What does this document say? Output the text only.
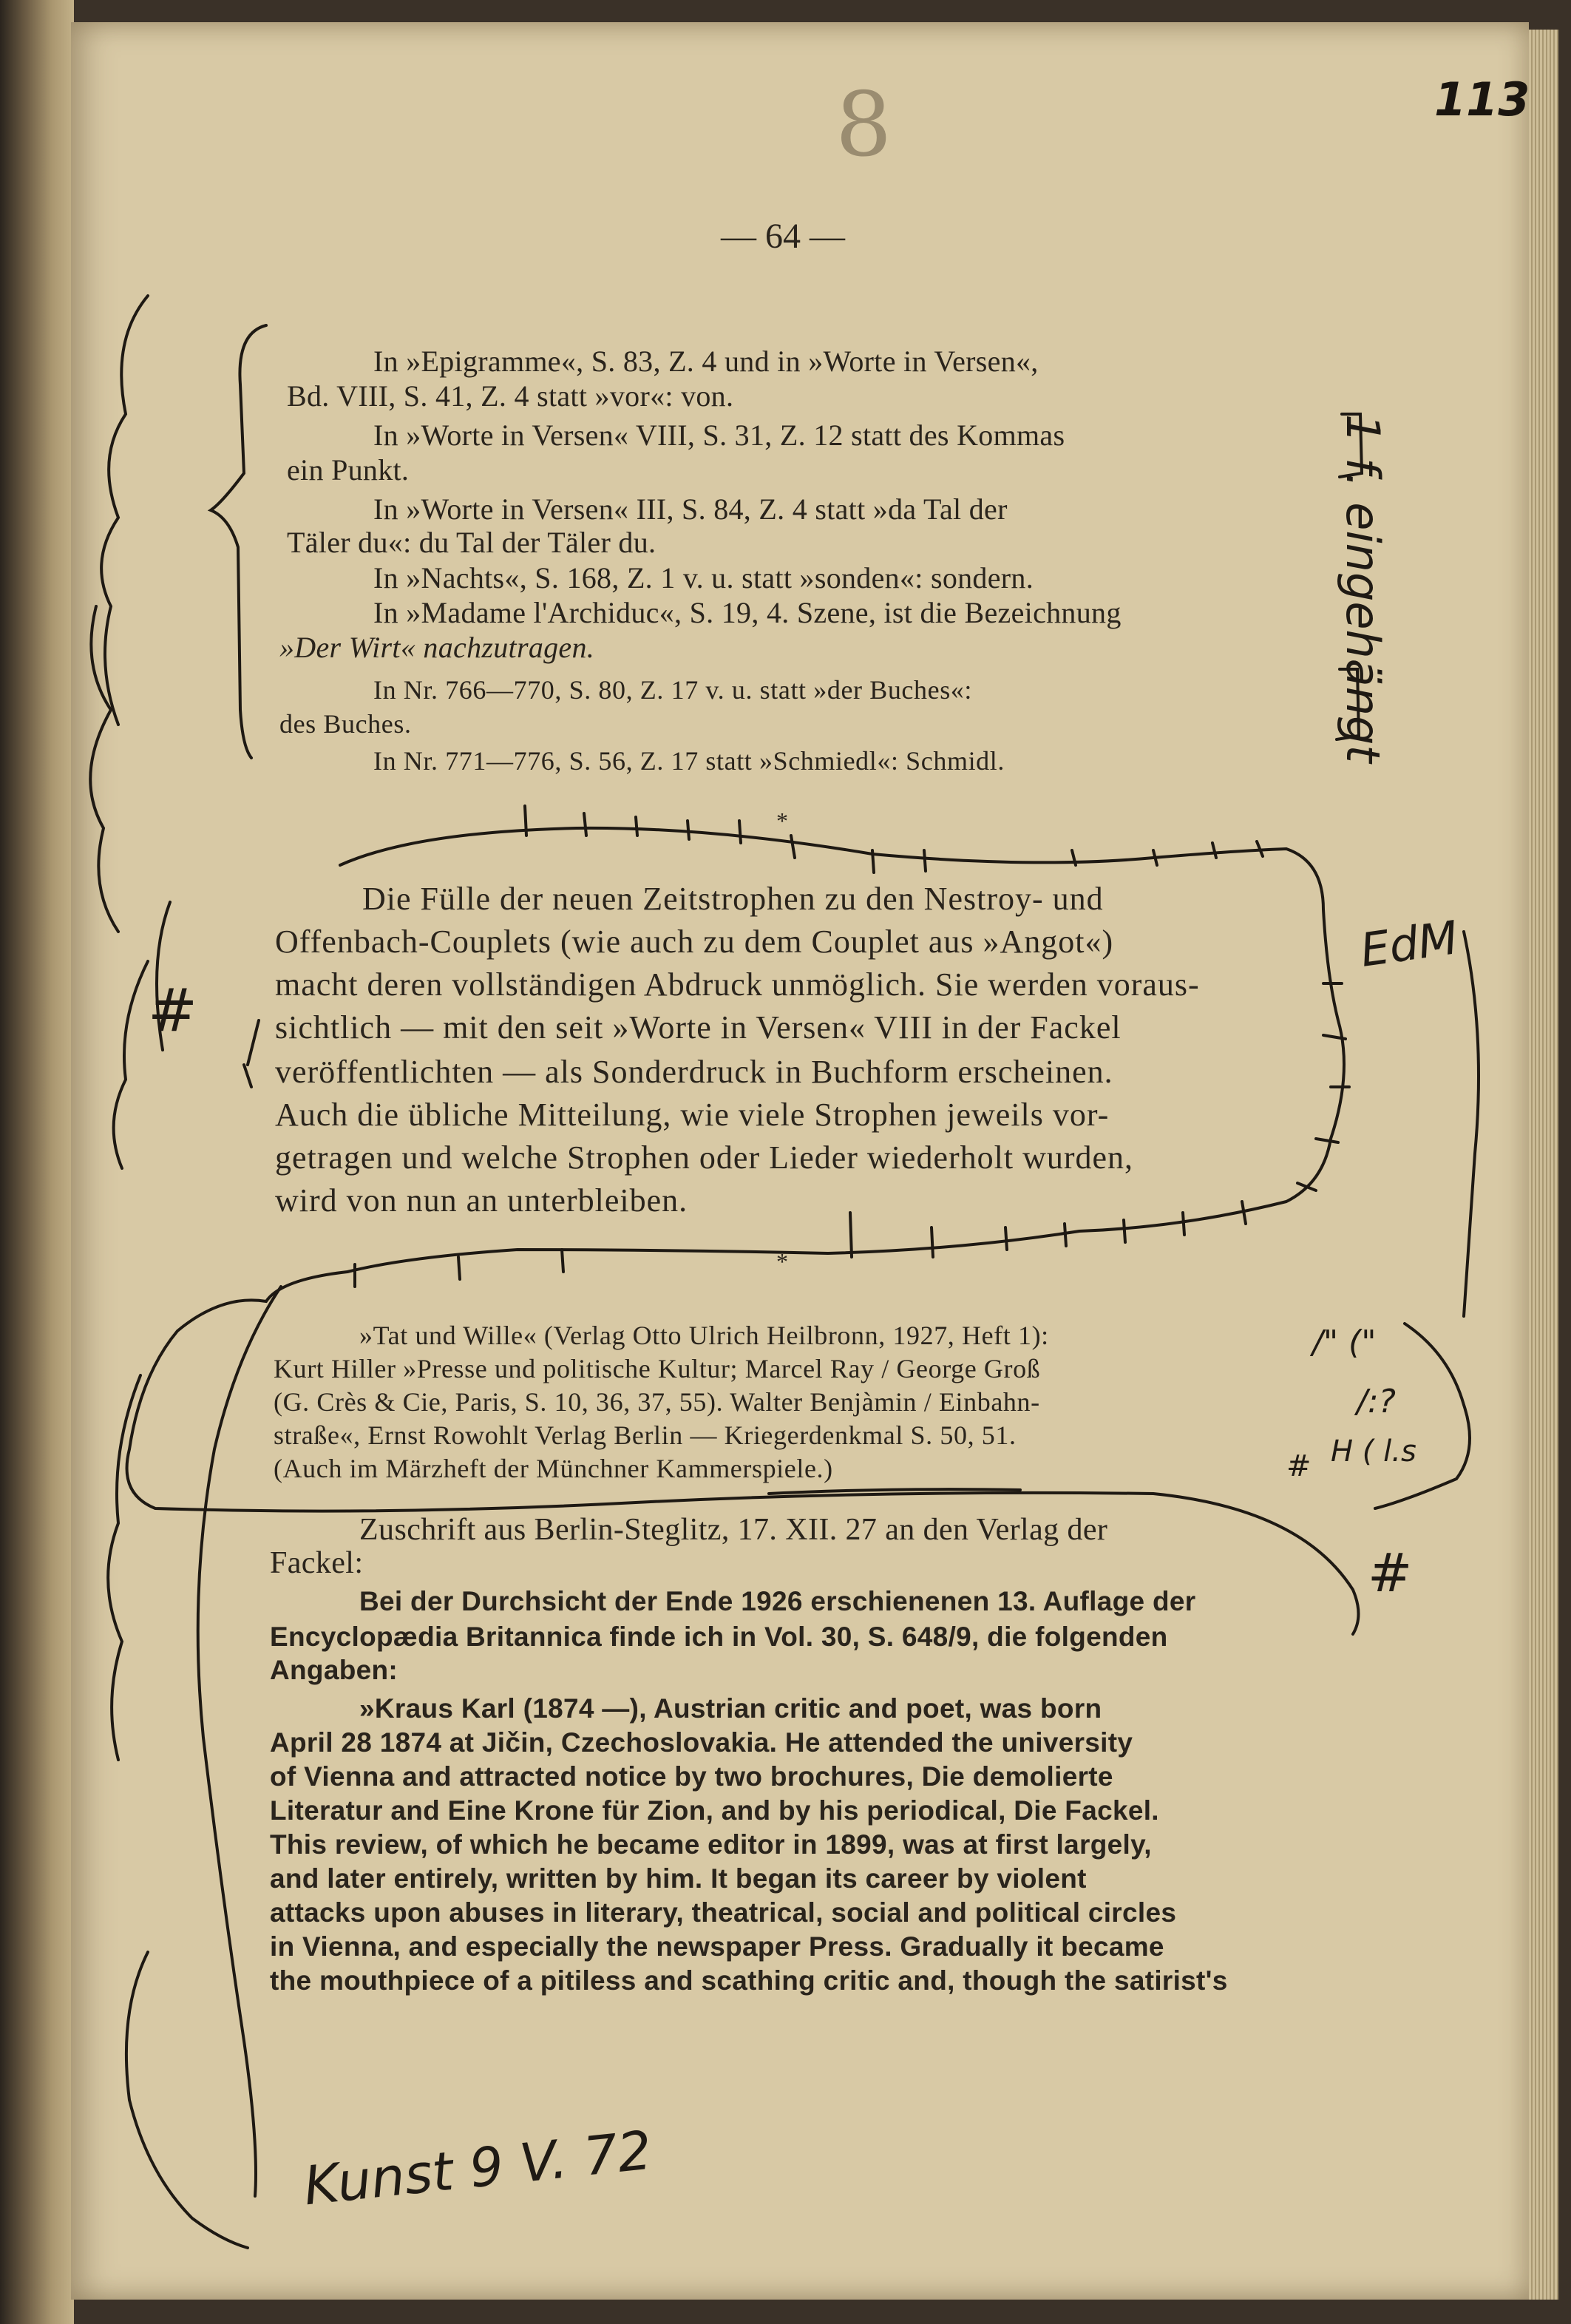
— 64 —
113
8
In »Epigramme«, S. 83, Z. 4 und in »Worte in Versen«,
Bd. VIII, S. 41, Z. 4 statt »vor«: von.
In »Worte in Versen« VIII, S. 31, Z. 12 statt des Kommas
ein Punkt.
In »Worte in Versen« III, S. 84, Z. 4 statt »da Tal der
Täler du«: du Tal der Täler du.
In »Nachts«, S. 168, Z. 1 v. u. statt »sonden«: sondern.
In »Madame l'Archiduc«, S. 19, 4. Szene, ist die Bezeichnung
»Der Wirt« nachzutragen.
In Nr. 766—770, S. 80, Z. 17 v. u. statt »der Buches«:
des Buches.
In Nr. 771—776, S. 56, Z. 17 statt »Schmiedl«: Schmidl.
*
Die Fülle der neuen Zeitstrophen zu den Nestroy- und
Offenbach-Couplets (wie auch zu dem Couplet aus »Angot«)
macht deren vollständigen Abdruck unmöglich. Sie werden voraus-
sichtlich — mit den seit »Worte in Versen« VIII in der Fackel
veröffentlichten — als Sonderdruck in Buchform erscheinen.
Auch die übliche Mitteilung, wie viele Strophen jeweils vor-
getragen und welche Strophen oder Lieder wiederholt wurden,
wird von nun an unterbleiben.
*
»Tat und Wille« (Verlag Otto Ulrich Heilbronn, 1927, Heft 1):
Kurt Hiller »Presse und politische Kultur; Marcel Ray / George Groß
(G. Crès & Cie, Paris, S. 10, 36, 37, 55). Walter Benjàmin / Einbahn-
straße«, Ernst Rowohlt Verlag Berlin — Kriegerdenkmal S. 50, 51.
(Auch im Märzheft der Münchner Kammerspiele.)
Zuschrift aus Berlin-Steglitz, 17. XII. 27 an den Verlag der
Fackel:
Bei der Durchsicht der Ende 1926 erschienenen 13. Auflage der
Encyclopædia Britannica finde ich in Vol. 30, S. 648/9, die folgenden
Angaben:
»Kraus Karl (1874 —), Austrian critic and poet, was born
April 28 1874 at Jičin, Czechoslovakia. He attended the university
of Vienna and attracted notice by two brochures, Die demolierte
Literatur and Eine Krone für Zion, and by his periodical, Die Fackel.
This review, of which he became editor in 1899, was at first largely,
and later entirely, written by him. It began its career by violent
attacks upon abuses in literary, theatrical, social and political circles
in Vienna, and especially the newspaper Press. Gradually it became
the mouthpiece of a pitiless and scathing critic and, though the satirist's
1 f. eingehängt
EdM
/" ("
/:?
H ( l.s
Kunst 9 V. 72
#
#
#
